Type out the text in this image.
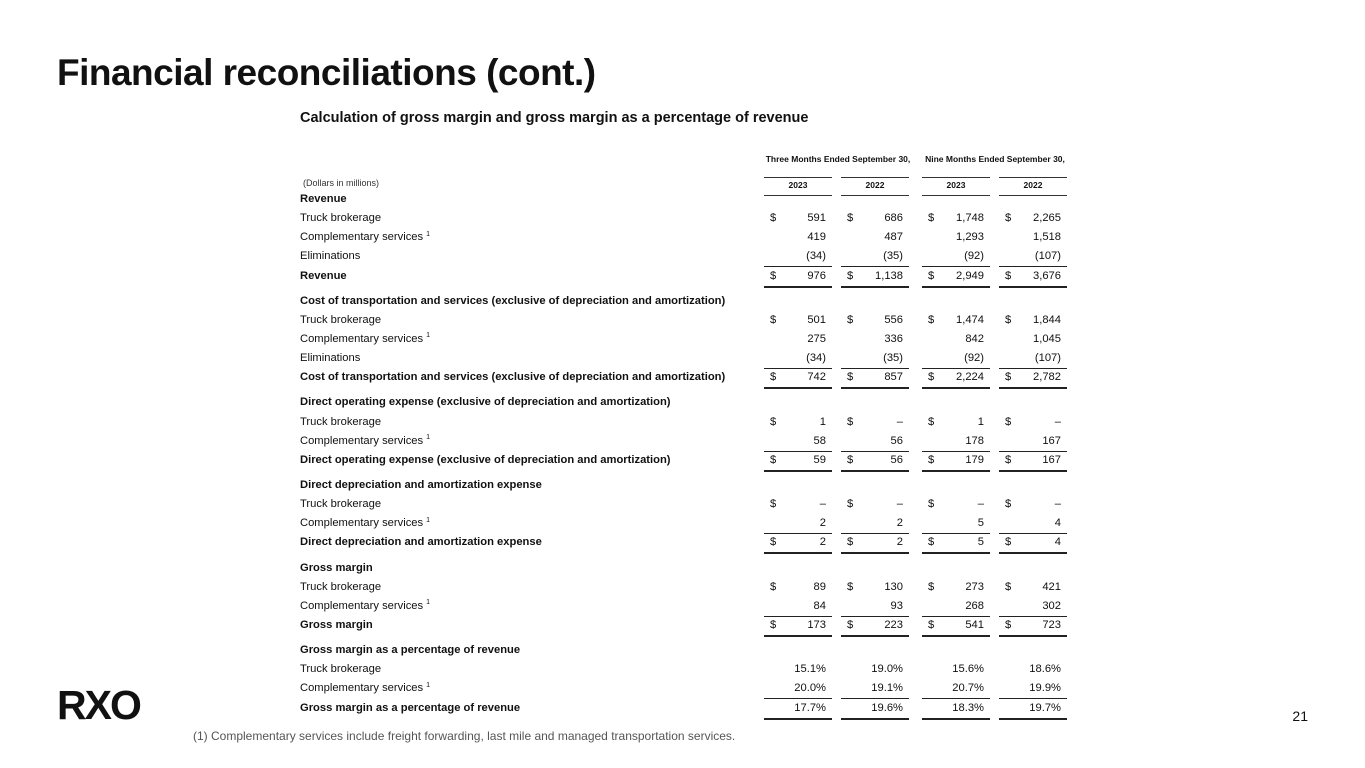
Financial reconciliations (cont.)
Calculation of gross margin and gross margin as a percentage of revenue
Three Months Ended September 30,	Nine Months Ended September 30,
(Dollars in millions)	2023	2022	2023	2022
Revenue
Truck brokerage	$	591 $	686 $ 1,748 $ 2,265
Complementary services $^1$	419	487	1,293	1,518
Eliminations	(34)	(35)	(92)	(107)
Revenue	$	976 $ 1,138 $ 2,949 $ 3,676
Cost of transportation and services (exclusive of depreciation and amortization)
Truck brokerage	$	501 $	556 $ 1,474 $ 1,844
Complementary services $^1$	275	336	842	1,045
Eliminations	(34)	(35)	(92)	(107)
Cost of transportation and services (exclusive of depreciation and amortization)	$	742 $	857 $ 2,224 $ 2,782
Direct operating expense (exclusive of depreciation and amortization)
Truck brokerage	$	1 $	– $	1 $	–
Complementary services $^1$	58	56	178	167
Direct operating expense (exclusive of depreciation and amortization)	$	59 $	56 $	179 $	167
Direct depreciation and amortization expense
Truck brokerage	$	– $	– $	– $	–
Complementary services $^1$	2	2	5	4
Direct depreciation and amortization expense	$	2 $	2 $	5 $	4
Gross margin
Truck brokerage	$	89 $	130 $	273 $	421
Complementary services $^1$	84	93	268	302
Gross margin	$	173 $	223 $	541 $	723
Gross margin as a percentage of revenue
Truck brokerage	15.1%	19.0%	15.6%	18.6%
Complementary services $^1$	20.0%	19.1%	20.7%	19.9%
Gross margin as a percentage of revenue	17.7%	19.6%	18.3%	19.7%
RXO	21
(1) Complementary services include freight forwarding, last mile and managed transportation services.
